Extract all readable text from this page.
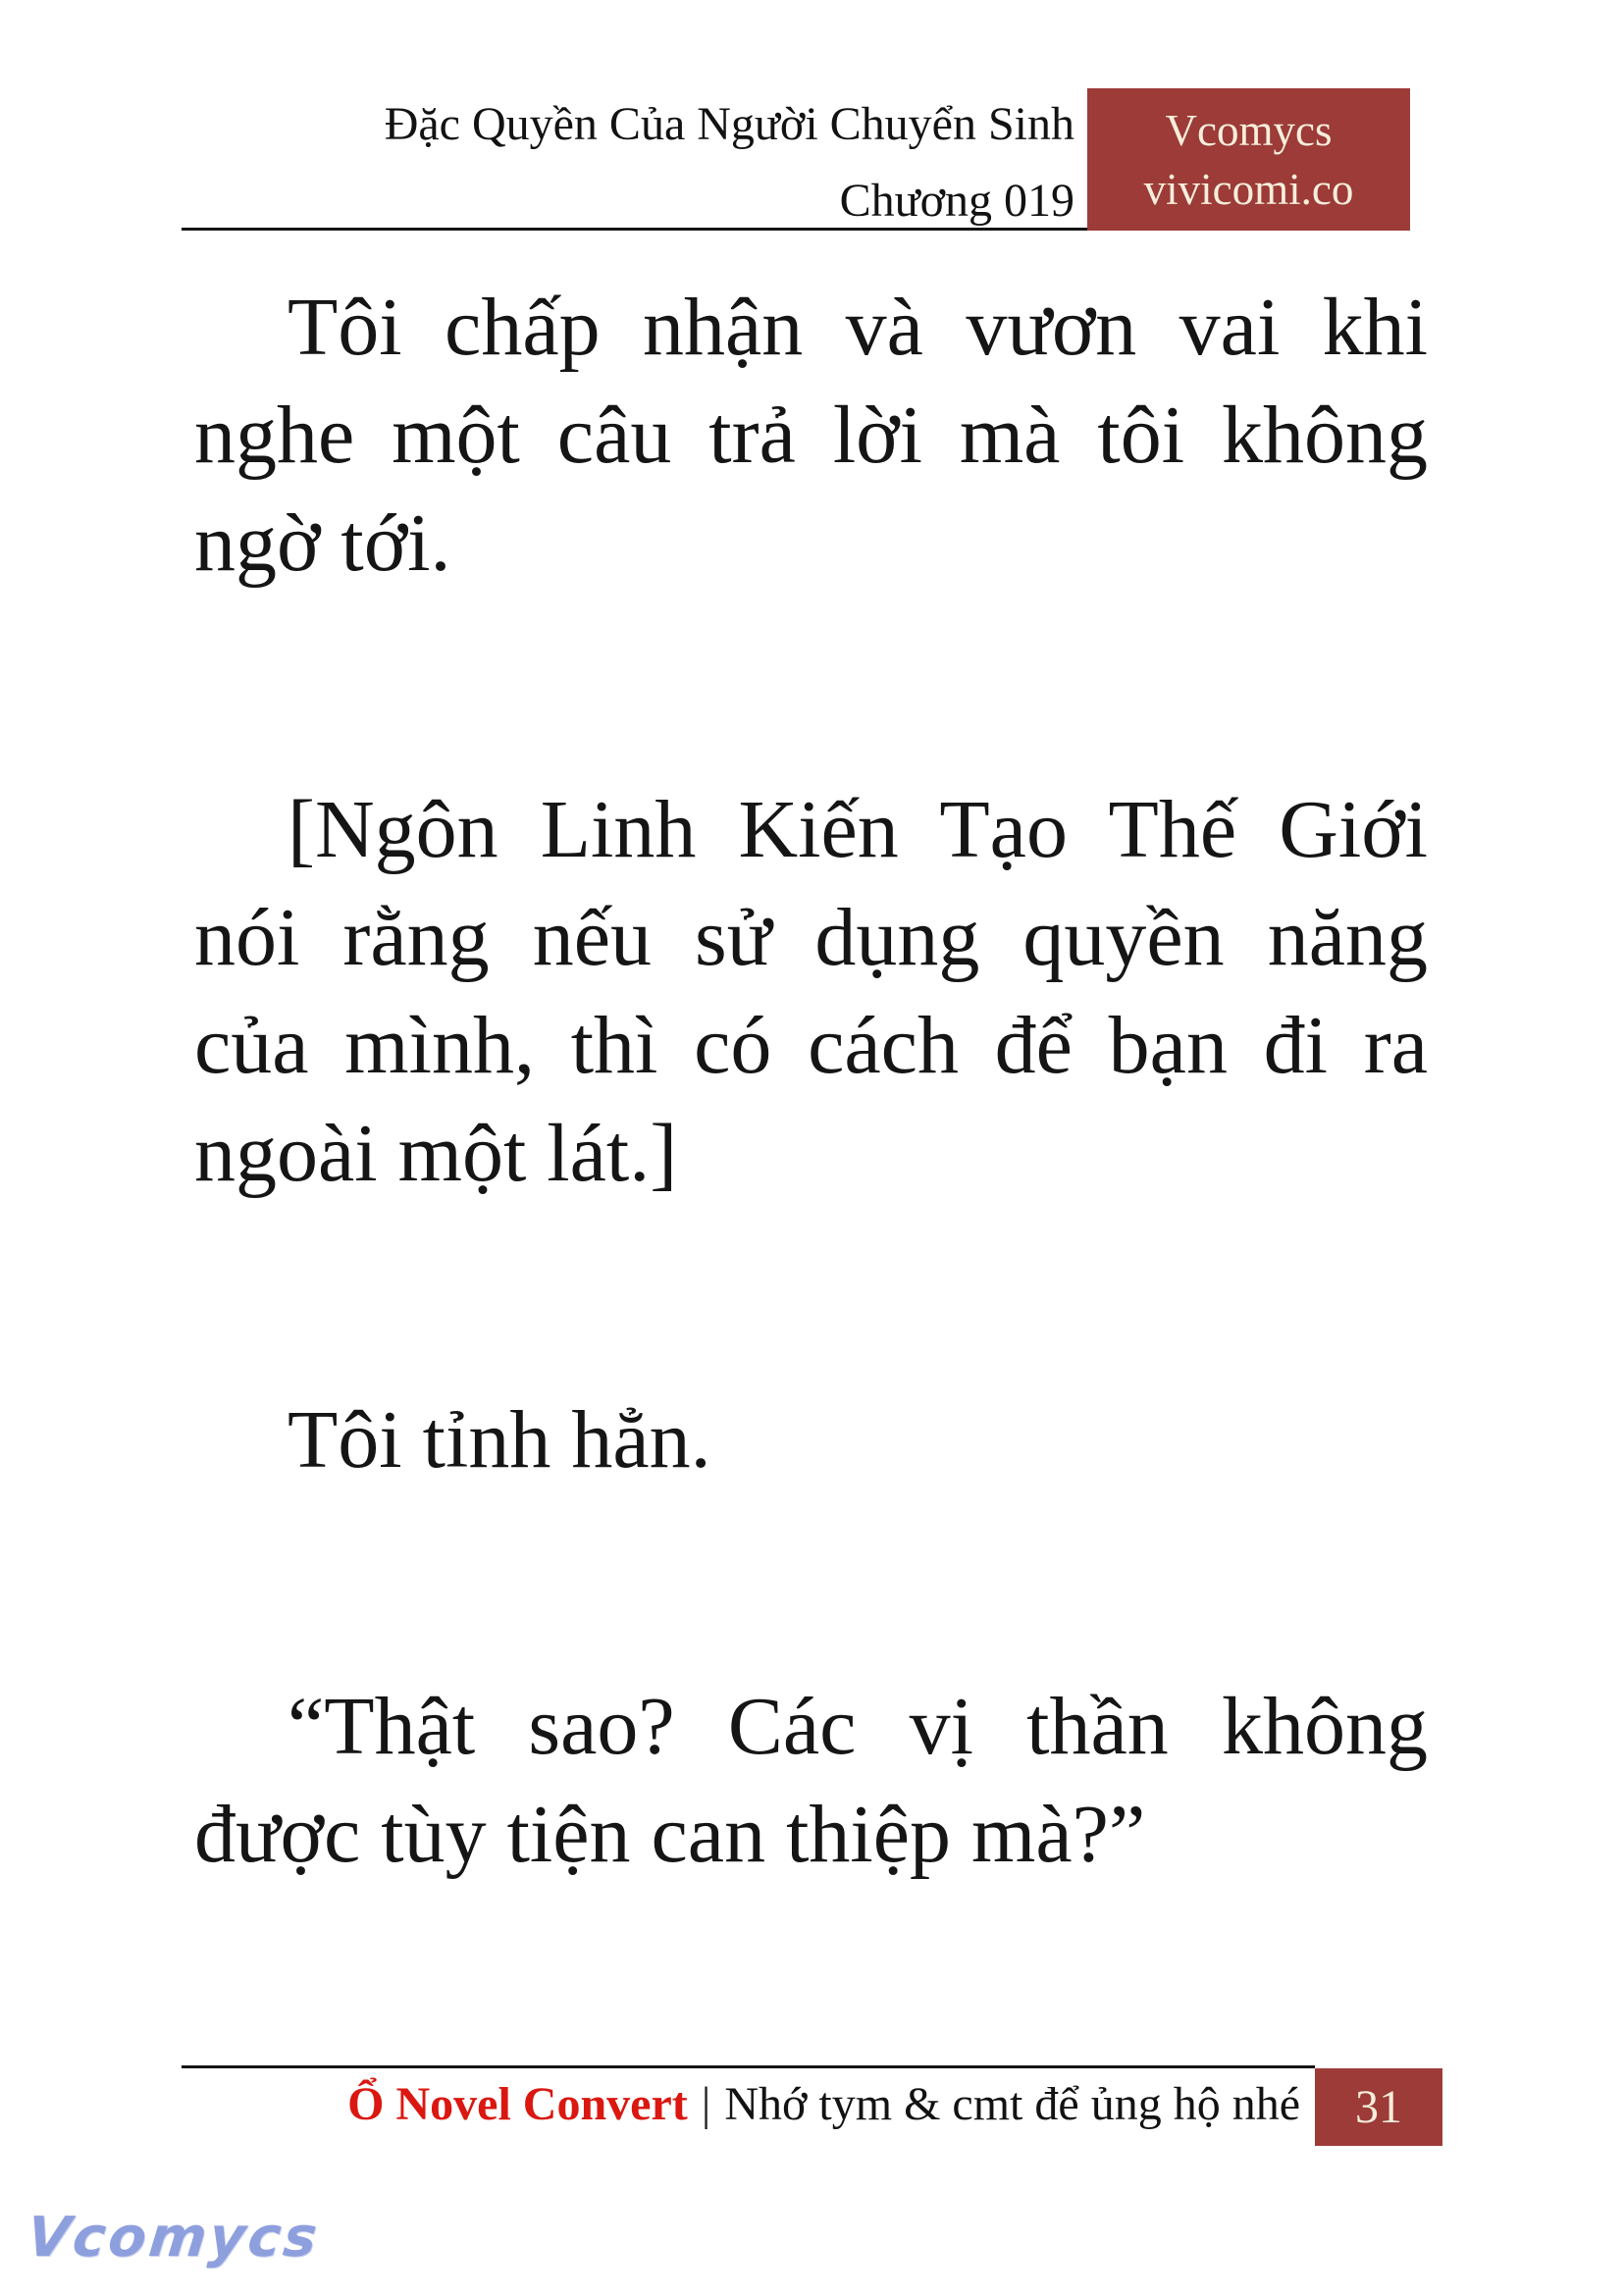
Đặc Quyền Của Người Chuyển Sinh
Chương 019
Vcomycs
vivicomi.co
Tôi chấp nhận và vươn vai khi
nghe một câu trả lời mà tôi không
ngờ tới.
[Ngôn Linh Kiến Tạo Thế Giới
nói rằng nếu sử dụng quyền năng
của mình, thì có cách để bạn đi ra
ngoài một lát.]
Tôi tỉnh hẳn.
“Thật sao? Các vị thần không
được tùy tiện can thiệp mà?”
Ổ Novel Convert | Nhớ tym & cmt để ủng hộ nhé 31
Vcomycs
